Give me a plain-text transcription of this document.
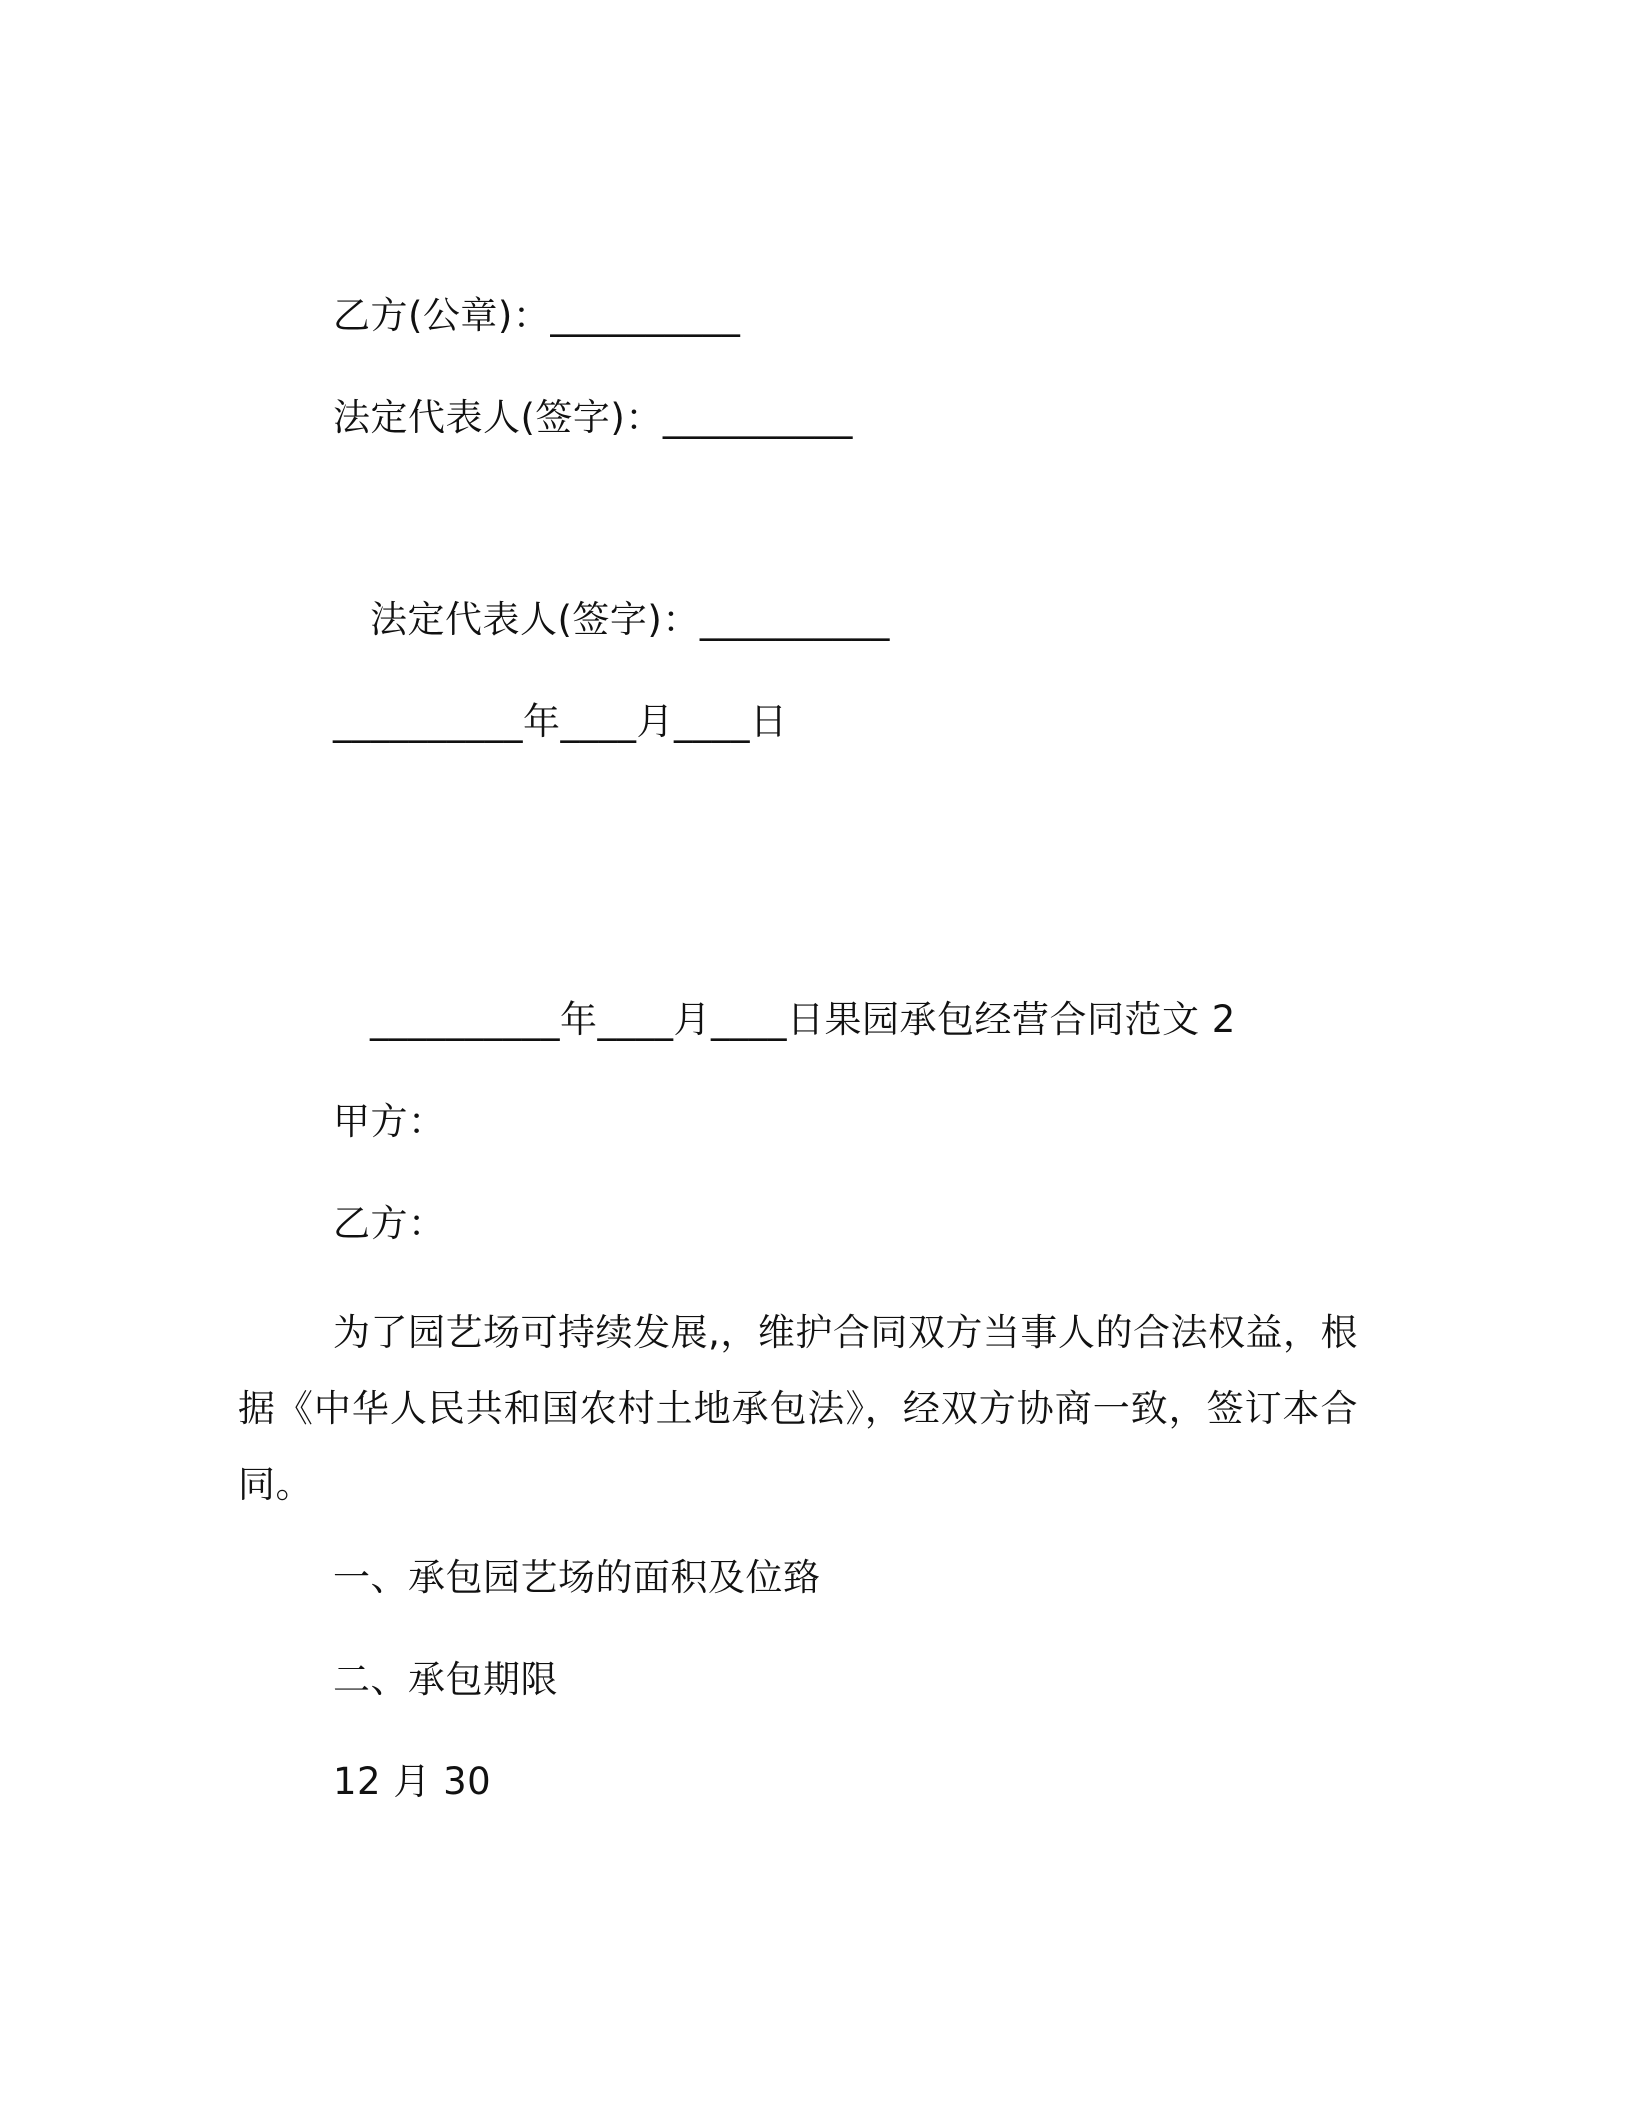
乙方(公章)：__________
法定代表人(签字)：__________
法定代表人(签字)：__________
__________年____月____日
__________年____月____日果园承包经营合同范文 2
甲方：
乙方：

为了园艺场可持续发展,，维护合同双方当事人的合法权益，根据《中华人民共和国农村土地承包法》，经双方协商一致，签订本合同。

一、承包园艺场的面积及位臵
二、承包期限
12 月 30
